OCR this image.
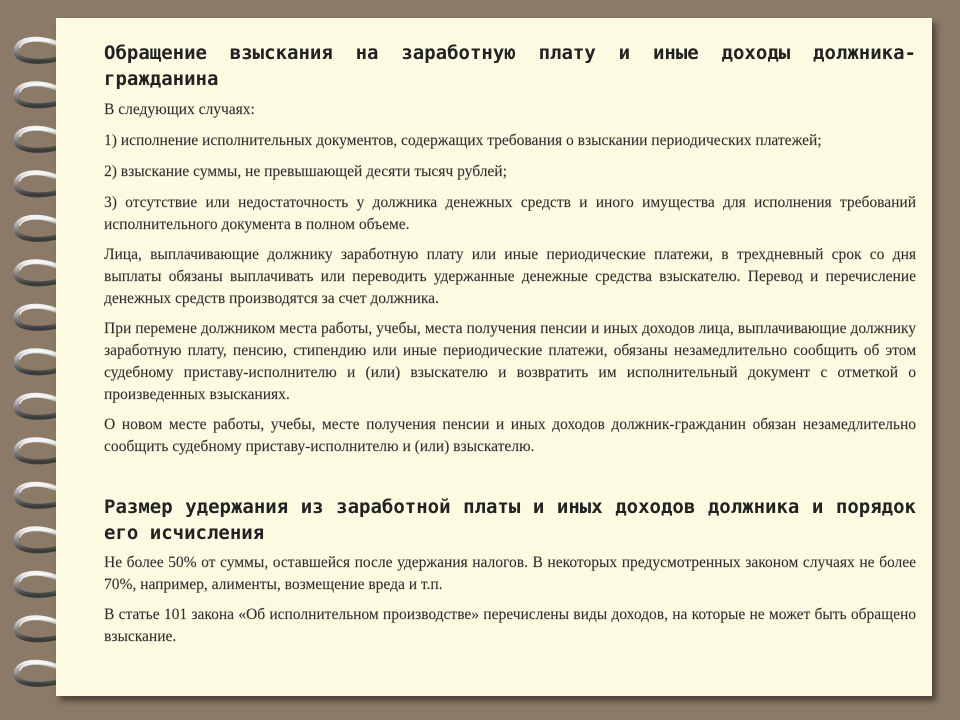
Обращение взыскания на заработную плату и иные доходы должника-гражданина

В следующих случаях:

1) исполнение исполнительных документов, содержащих требования о взыскании периодических платежей;

2) взыскание суммы, не превышающей десяти тысяч рублей;

3) отсутствие или недостаточность у должника денежных средств и иного имущества для исполнения требований исполнительного документа в полном объеме.

Лица, выплачивающие должнику заработную плату или иные периодические платежи, в трехдневный срок со дня выплаты обязаны выплачивать или переводить удержанные денежные средства взыскателю. Перевод и перечисление денежных средств производятся за счет должника.

При перемене должником места работы, учебы, места получения пенсии и иных доходов лица, выплачивающие должнику заработную плату, пенсию, стипендию или иные периодические платежи, обязаны незамедлительно сообщить об этом судебному приставу-исполнителю и (или) взыскателю и возвратить им исполнительный документ с отметкой о произведенных взысканиях.

О новом месте работы, учебы, месте получения пенсии и иных доходов должник-гражданин обязан незамедлительно сообщить судебному приставу-исполнителю и (или) взыскателю.

Размер удержания из заработной платы и иных доходов должника и порядок его исчисления

Не более 50% от суммы, оставшейся после удержания налогов. В некоторых предусмотренных законом случаях не более 70%, например, алименты, возмещение вреда и т.п.

В статье 101 закона «Об исполнительном производстве» перечислены виды доходов, на которые не может быть обращено взыскание.
